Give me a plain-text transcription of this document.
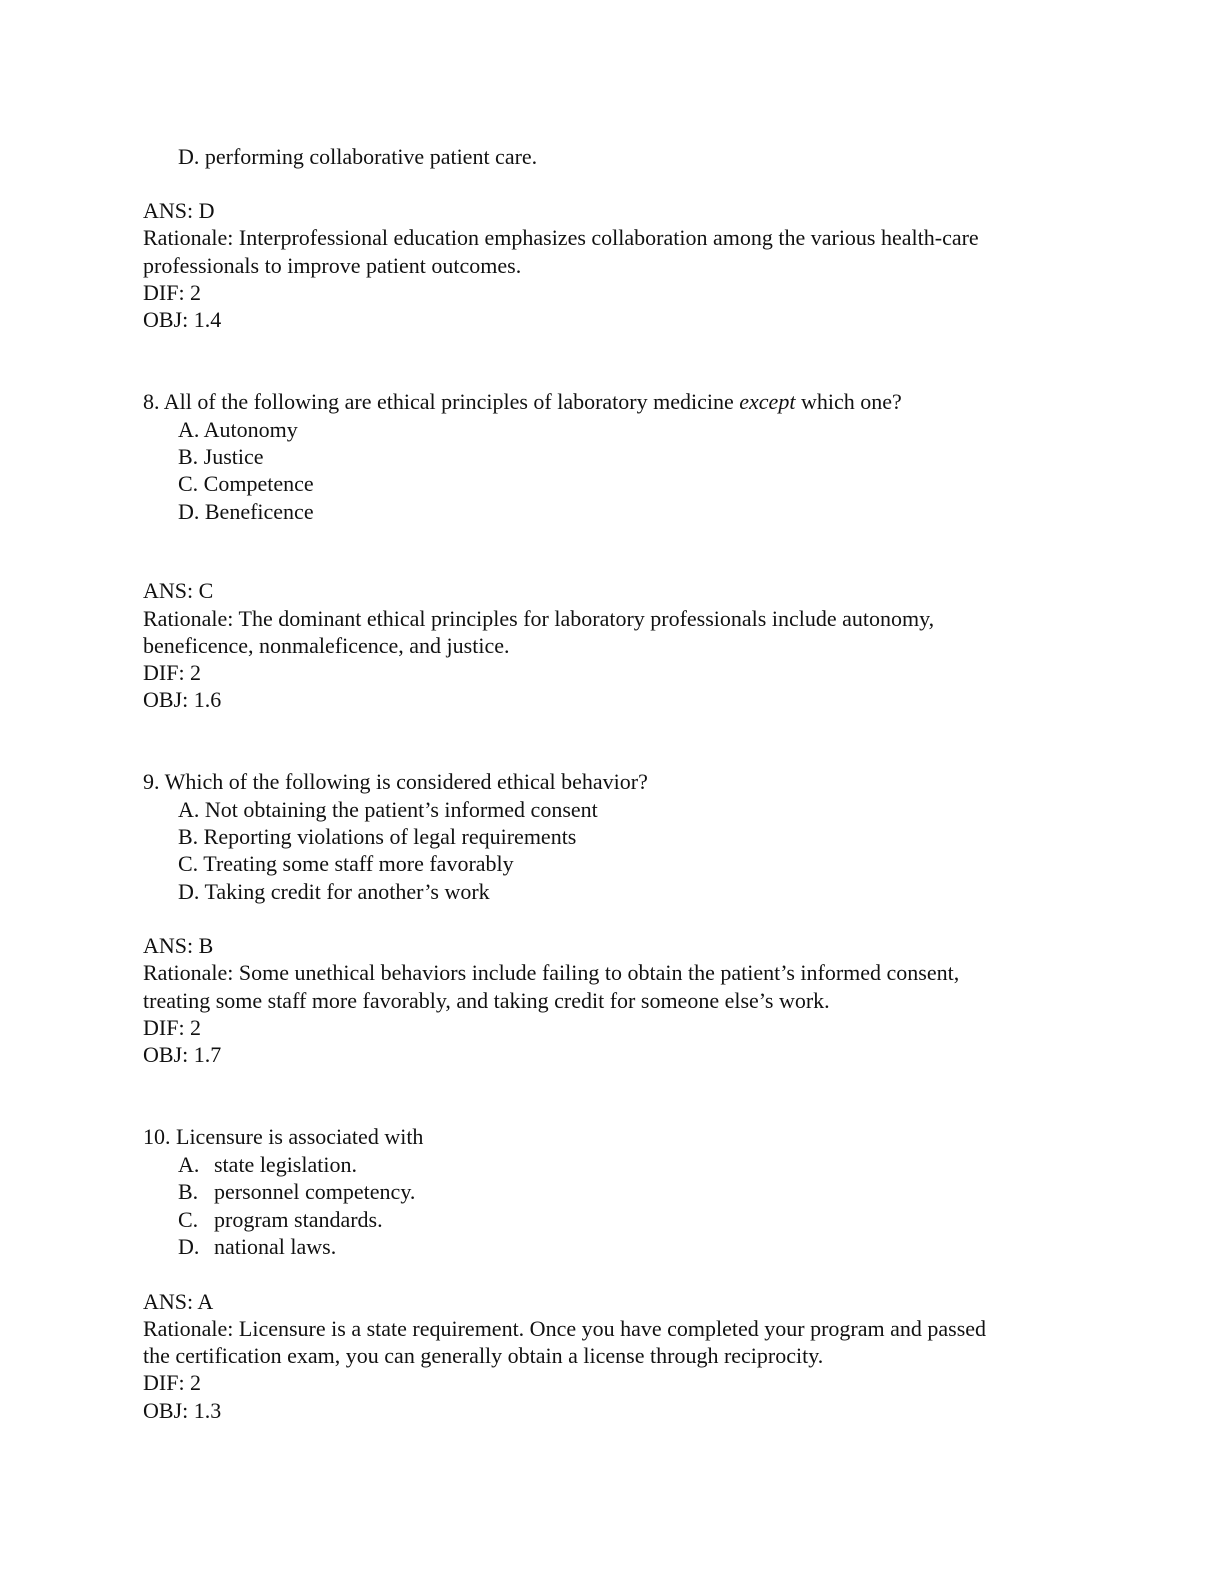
D. performing collaborative patient care.
ANS: D
Rationale: Interprofessional education emphasizes collaboration among the various health-care
professionals to improve patient outcomes.
DIF: 2
OBJ: 1.4
8. All of the following are ethical principles of laboratory medicine except which one?
A. Autonomy
B. Justice
C. Competence
D. Beneficence
ANS: C
Rationale: The dominant ethical principles for laboratory professionals include autonomy,
beneficence, nonmaleficence, and justice.
DIF: 2
OBJ: 1.6
9. Which of the following is considered ethical behavior?
A. Not obtaining the patient’s informed consent
B. Reporting violations of legal requirements
C. Treating some staff more favorably
D. Taking credit for another’s work
ANS: B
Rationale: Some unethical behaviors include failing to obtain the patient’s informed consent,
treating some staff more favorably, and taking credit for someone else’s work.
DIF: 2
OBJ: 1.7
10. Licensure is associated with
A. state legislation.
B. personnel competency.
C. program standards.
D. national laws.
ANS: A
Rationale: Licensure is a state requirement. Once you have completed your program and passed
the certification exam, you can generally obtain a license through reciprocity.
DIF: 2
OBJ: 1.3
